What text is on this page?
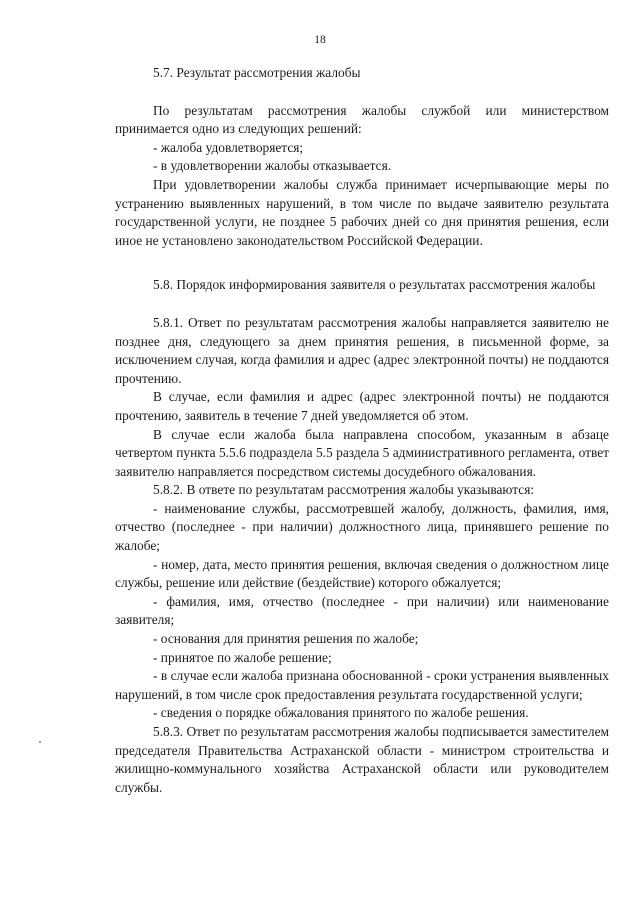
18
5.7. Результат рассмотрения жалобы
По результатам рассмотрения жалобы службой или министерством принимается одно из следующих решений:
- жалоба удовлетворяется;
- в удовлетворении жалобы отказывается.
При удовлетворении жалобы служба принимает исчерпывающие меры по устранению выявленных нарушений, в том числе по выдаче заявителю результата государственной услуги, не позднее 5 рабочих дней со дня принятия решения, если иное не установлено законодательством Российской Федерации.
5.8. Порядок информирования заявителя о результатах рассмотрения жалобы
5.8.1. Ответ по результатам рассмотрения жалобы направляется заявителю не позднее дня, следующего за днем принятия решения, в письменной форме, за исключением случая, когда фамилия и адрес (адрес электронной почты) не поддаются прочтению.
В случае, если фамилия и адрес (адрес электронной почты) не поддаются прочтению, заявитель в течение 7 дней уведомляется об этом.
В случае если жалоба была направлена способом, указанным в абзаце четвертом пункта 5.5.6 подраздела 5.5 раздела 5 административного регламента, ответ заявителю направляется посредством системы досудебного обжалования.
5.8.2. В ответе по результатам рассмотрения жалобы указываются:
- наименование службы, рассмотревшей жалобу, должность, фамилия, имя, отчество (последнее - при наличии) должностного лица, принявшего решение по жалобе;
- номер, дата, место принятия решения, включая сведения о должностном лице службы, решение или действие (бездействие) которого обжалуется;
- фамилия, имя, отчество (последнее - при наличии) или наименование заявителя;
- основания для принятия решения по жалобе;
- принятое по жалобе решение;
- в случае если жалоба признана обоснованной - сроки устранения выявленных нарушений, в том числе срок предоставления результата государственной услуги;
- сведения о порядке обжалования принятого по жалобе решения.
5.8.3. Ответ по результатам рассмотрения жалобы подписывается заместителем председателя Правительства Астраханской области - министром строительства и жилищно-коммунального хозяйства Астраханской области или руководителем службы.
